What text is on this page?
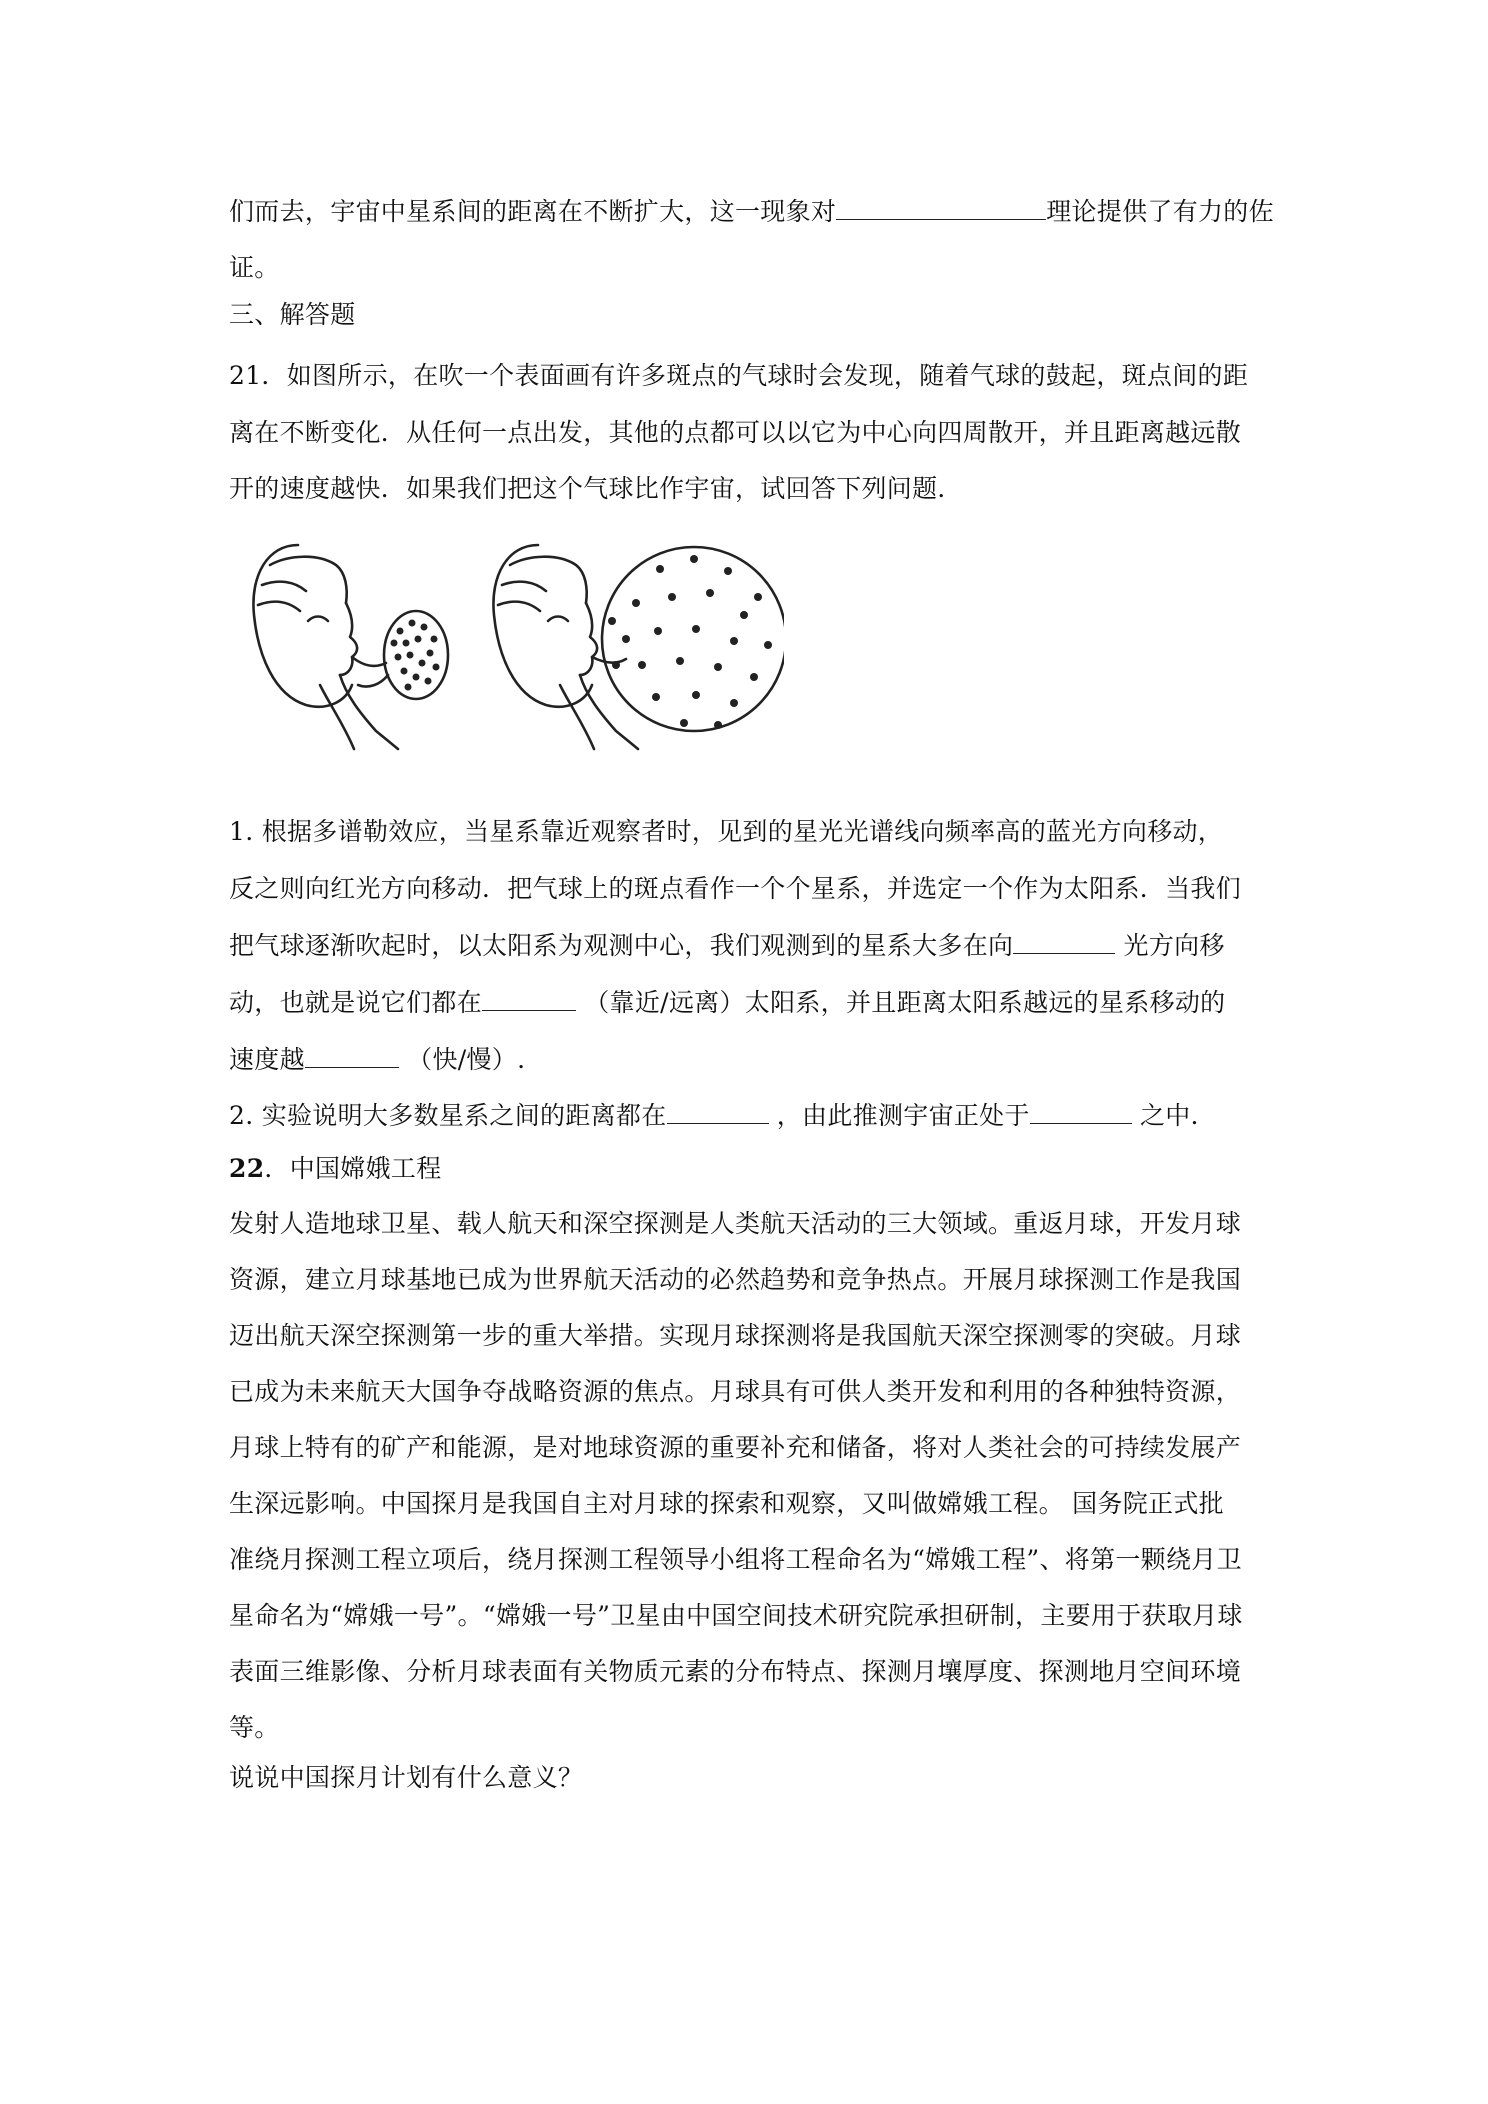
们而去，宇宙中星系间的距离在不断扩大，这一现象对	理论提供了有力的佐
证。
三、解答题
21．如图所示，在吹一个表面画有许多斑点的气球时会发现，随着气球的鼓起，斑点间的距
离在不断变化．从任何一点出发，其他的点都可以以它为中心向四周散开，并且距离越远散
开的速度越快．如果我们把这个气球比作宇宙，试回答下列问题．
1. 根据多谱勒效应，当星系靠近观察者时，见到的星光光谱线向频率高的蓝光方向移动，
反之则向红光方向移动．把气球上的斑点看作一个个星系，并选定一个作为太阳系．当我们
把气球逐渐吹起时，以太阳系为观测中心，我们观测到的星系大多在向	光方向移
动，也就是说它们都在	（靠近/远离）太阳系，并且距离太阳系越远的星系移动的
速度越	（快/慢）.
2. 实验说明大多数星系之间的距离都在	，由此推测宇宙正处于	之中．
22．中国嫦娥工程
发射人造地球卫星、载人航天和深空探测是人类航天活动的三大领域。重返月球，开发月球
资源，建立月球基地已成为世界航天活动的必然趋势和竞争热点。开展月球探测工作是我国
迈出航天深空探测第一步的重大举措。实现月球探测将是我国航天深空探测零的突破。月球
已成为未来航天大国争夺战略资源的焦点。月球具有可供人类开发和利用的各种独特资源，
月球上特有的矿产和能源，是对地球资源的重要补充和储备，将对人类社会的可持续发展产
生深远影响。中国探月是我国自主对月球的探索和观察，又叫做嫦娥工程。 国务院正式批
准绕月探测工程立项后，绕月探测工程领导小组将工程命名为“嫦娥工程”、将第一颗绕月卫
星命名为“嫦娥一号”。“嫦娥一号”卫星由中国空间技术研究院承担研制，主要用于获取月球
表面三维影像、分析月球表面有关物质元素的分布特点、探测月壤厚度、探测地月空间环境
等。
说说中国探月计划有什么意义？
